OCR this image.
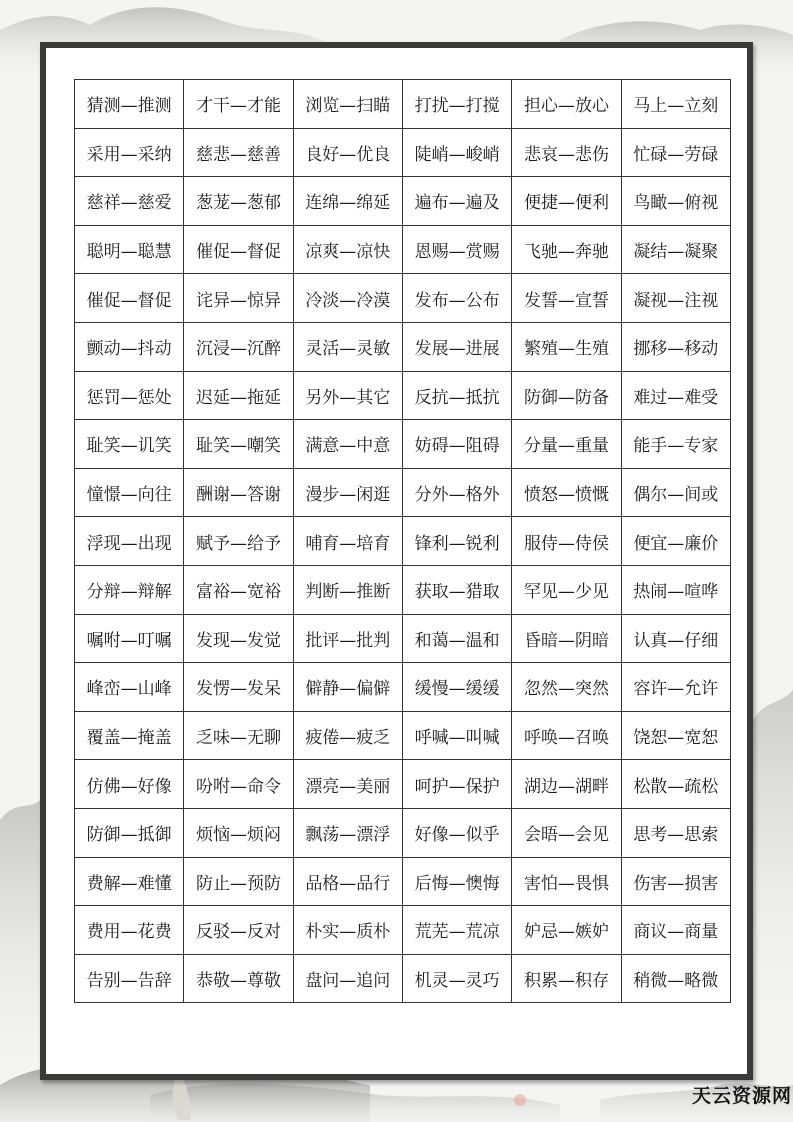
猜测—推测	才干—才能	浏览—扫瞄	打扰—打搅	担心—放心	马上—立刻
采用—采纳	慈悲—慈善	良好—优良	陡峭—峻峭	悲哀—悲伤	忙碌—劳碌
慈祥—慈爱	葱茏—葱郁	连绵—绵延	遍布—遍及	便捷—便利	鸟瞰—俯视
聪明—聪慧	催促—督促	凉爽—凉快	恩赐—赏赐	飞驰—奔驰	凝结—凝聚
催促—督促	诧异—惊异	冷淡—冷漠	发布—公布	发誓—宣誓	凝视—注视
颤动—抖动	沉浸—沉醉	灵活—灵敏	发展—进展	繁殖—生殖	挪移—移动
惩罚—惩处	迟延—拖延	另外—其它	反抗—抵抗	防御—防备	难过—难受
耻笑—讥笑	耻笑—嘲笑	满意—中意	妨碍—阻碍	分量—重量	能手—专家
憧憬—向往	酬谢—答谢	漫步—闲逛	分外—格外	愤怒—愤慨	偶尔—间或
浮现—出现	赋予—给予	哺育—培育	锋利—锐利	服侍—侍侯	便宜—廉价
分辩—辩解	富裕—宽裕	判断—推断	获取—猎取	罕见—少见	热闹—喧哗
嘱咐—叮嘱	发现—发觉	批评—批判	和蔼—温和	昏暗—阴暗	认真—仔细
峰峦—山峰	发愣—发呆	僻静—偏僻	缓慢—缓缓	忽然—突然	容许—允许
覆盖—掩盖	乏味—无聊	疲倦—疲乏	呼喊—叫喊	呼唤—召唤	饶恕—宽恕
仿佛—好像	吩咐—命令	漂亮—美丽	呵护—保护	湖边—湖畔	松散—疏松
防御—抵御	烦恼—烦闷	飘荡—漂浮	好像—似乎	会晤—会见	思考—思索
费解—难懂	防止—预防	品格—品行	后悔—懊悔	害怕—畏惧	伤害—损害
费用—花费	反驳—反对	朴实—质朴	荒芜—荒凉	妒忌—嫉妒	商议—商量
告别—告辞	恭敬—尊敬	盘问—追问	机灵—灵巧	积累—积存	稍微—略微
天云资源网
